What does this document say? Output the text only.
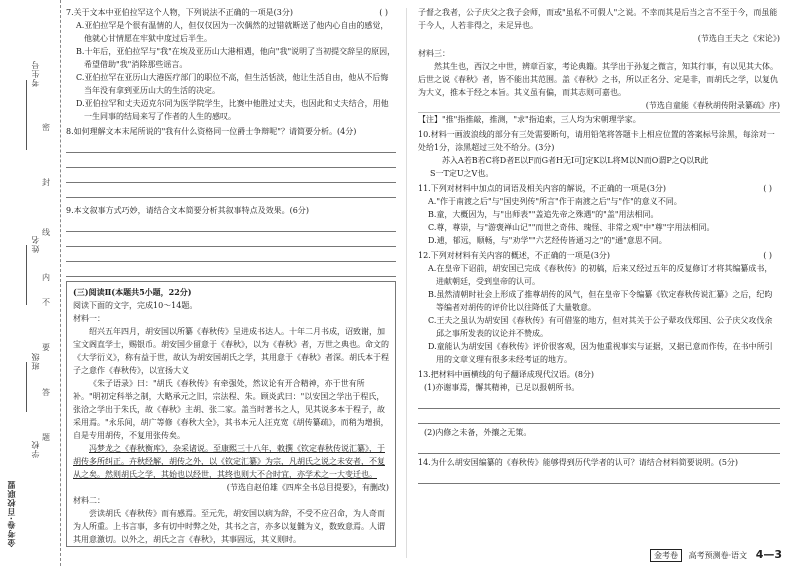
考生号
姓名
班级
学校
金考卷·百校联盟
密
封
线
内
不
要
答
题

7.关于文本中亚伯拉罕这个人物，下列说法不正确的一项是(3分)	( )

A.亚伯拉罕是个很有温情的人，但仅仅因为一次偶然的过错就断送了他内心自由的感觉，他就心甘情愿在牢狱中度过后半生。

B.十年后，亚伯拉罕与"我"在埃及亚历山大港相遇，他向"我"说明了当初提交辞呈的原因，希望借助"我"消除那些谣言。

C.亚伯拉罕在亚历山大港医疗部门的职位不高，但生活恬淡，他让生活自由，他从不后悔当年没有拿到亚历山大的生活的决定。

D.亚伯拉罕和丈夫迈克尔同为医学院学生，比赛中他胜过丈夫，也因此和丈夫结合，用他一生同事的结局来写了作者的人生的感叹。

8.如何理解文本末尾所说的"我有什么资格同一位爵士争辩呢"？请简要分析。(4分)

9.本文叙事方式巧妙，请结合文本简要分析其叙事特点及效果。(6分)

(三)阅读Ⅱ(本题共5小题，22分)

阅读下面的文字，完成10～14题。

材料一：

绍兴五年四月，胡安国以所纂《春秋传》呈进成书达人。十年二月书成，诏致谢，加宝文阁直学士，赐银币。胡安国少留意于《春秋》，以为《春秋》者，万世之典也。命文的《大学衍义》，称有益于世，故认为胡安国胡氏之学，其用意于《春秋》者深。胡氏本于程子之意作《春秋传》，以宣扬大义

《朱子语录》曰："胡氏《春秋传》有牵强处，然议论有开合精神，亦于世有所补。"明初定科举之制，大略承元之旧，宗法程、朱。顾炎武曰："以安国之学出于程氏，张洽之学出于朱氏，故《春秋》主胡、张二家。盖当时著书之人，见其说多本于程子，故采用焉。"永乐间，胡广等修《春秋大全》，其书本元人汪克宽《胡传纂疏》，而稍为增损，自是专用胡传，不复用张传矣。

冯梦龙之《春秋衡库》，杂采诸说。至康熙三十八年，敕撰《钦定春秋传说汇纂》，于胡传多所纠正。卉秋经解，胡传之外，以《钦定汇纂》为宗，凡胡氏之说之未安者，不复从之矣。然则胡氏之学，其始也以经世，其终也则大不合时宜，亦学术之一大变迁也。

(节选自赵伯雄《四库全书总目提要》，有删改)

材料二：

尝读胡氏《春秋传》而有感焉。至元先，胡安国以病为辞，不受不应召命，为人奇而为人所重。上书言事，多有切中时弊之处，其书之言，亦多以复雠为义，数致意焉。人谓其用意激切。以外之，胡氏之言《春秋》，其事固远，其义则时。

子督之我者，公子庆父之我子会师，而或"虽私不可假人"之说。不幸而其是后当之言不至于今，而虽能于今人，人若非得之，未足异也。

(节选自王夫之《宋论》)

材料三：

然其生也，西汉之中世，辨章百家，考论典籍。其学出于孙复之微言，知其行事，有以见其大体。后世之说《春秋》者，皆不能出其范围。盖《春秋》之书，所以正名分、定是非，而胡氏之学，以复仇为大义，推本于经之本旨。其义虽有偏，而其志则可嘉也。

(节选自童能《春秋胡传附录纂疏》序)

【注】"推"指推敲，推测，"求"指追索，三人均为宋朝理学家。

10.材料一画波浪线的部分有三处需要断句，请用铅笔将答题卡上相应位置的答案标号涂黑，每涂对一处给1分，涂黑超过三处不给分。(3分)

苏入A若B若C将D者E以F而G者H无I可J定K以L将M以N而O谓P之Q以R此

S一T定U之V也。

11.下列对材料中加点的词语及相关内容的解说，不正确的一项是(3分)	( )

A."作于南渡之后"与"国史列传"所言"作于南渡之后"与"作"的意义不同。

B.童，大概因为，与"出师表""盖追先帝之殊遇"的"盖"用法相同。

C.尊，尊崇，与"游褒禅山记""而世之奇伟、瑰怪、非常之观"中"尊"字用法相同。

D.逋，郁远，顺畅，与"劝学""六艺经传皆通习之"的"通"意思不同。

12.下列对材料有关内容的概述，不正确的一项是(3分)	( )

A.在皇帝下诏前，胡安国已完成《春秋传》的初稿，后来又经过五年的反复修订才将其编纂成书，进献朝廷，受到皇帝的认可。

B.虽然清朝时社会上形成了推尊胡传的风气，但在皇帝下令编纂《钦定春秋传说汇纂》之后，纪昀等编者对胡传的评价比以往降低了大量敬意。

C.王夫之虽认为胡安国《春秋传》有可借鉴的地方，但对其关于公子翚攻伐郑国、公子庆父攻伐余邱之事所发表的议论并不赞成。

D.童能认为胡安国《春秋传》评价很客观，因为他重视事实与证据，又据已意而作传，在书中所引用的文章义理有很多未经考证的地方。

13.把材料中画横线的句子翻译成现代汉语。(8分)

(1)亦谢事焉，懈其精神，已足以报朝所书。

(2)内修之未备，外攘之无策。

14.为什么胡安国编纂的《春秋传》能够得到历代学者的认可？请结合材料简要说明。(5分)

金考卷 高考预测卷·语文 4—3
